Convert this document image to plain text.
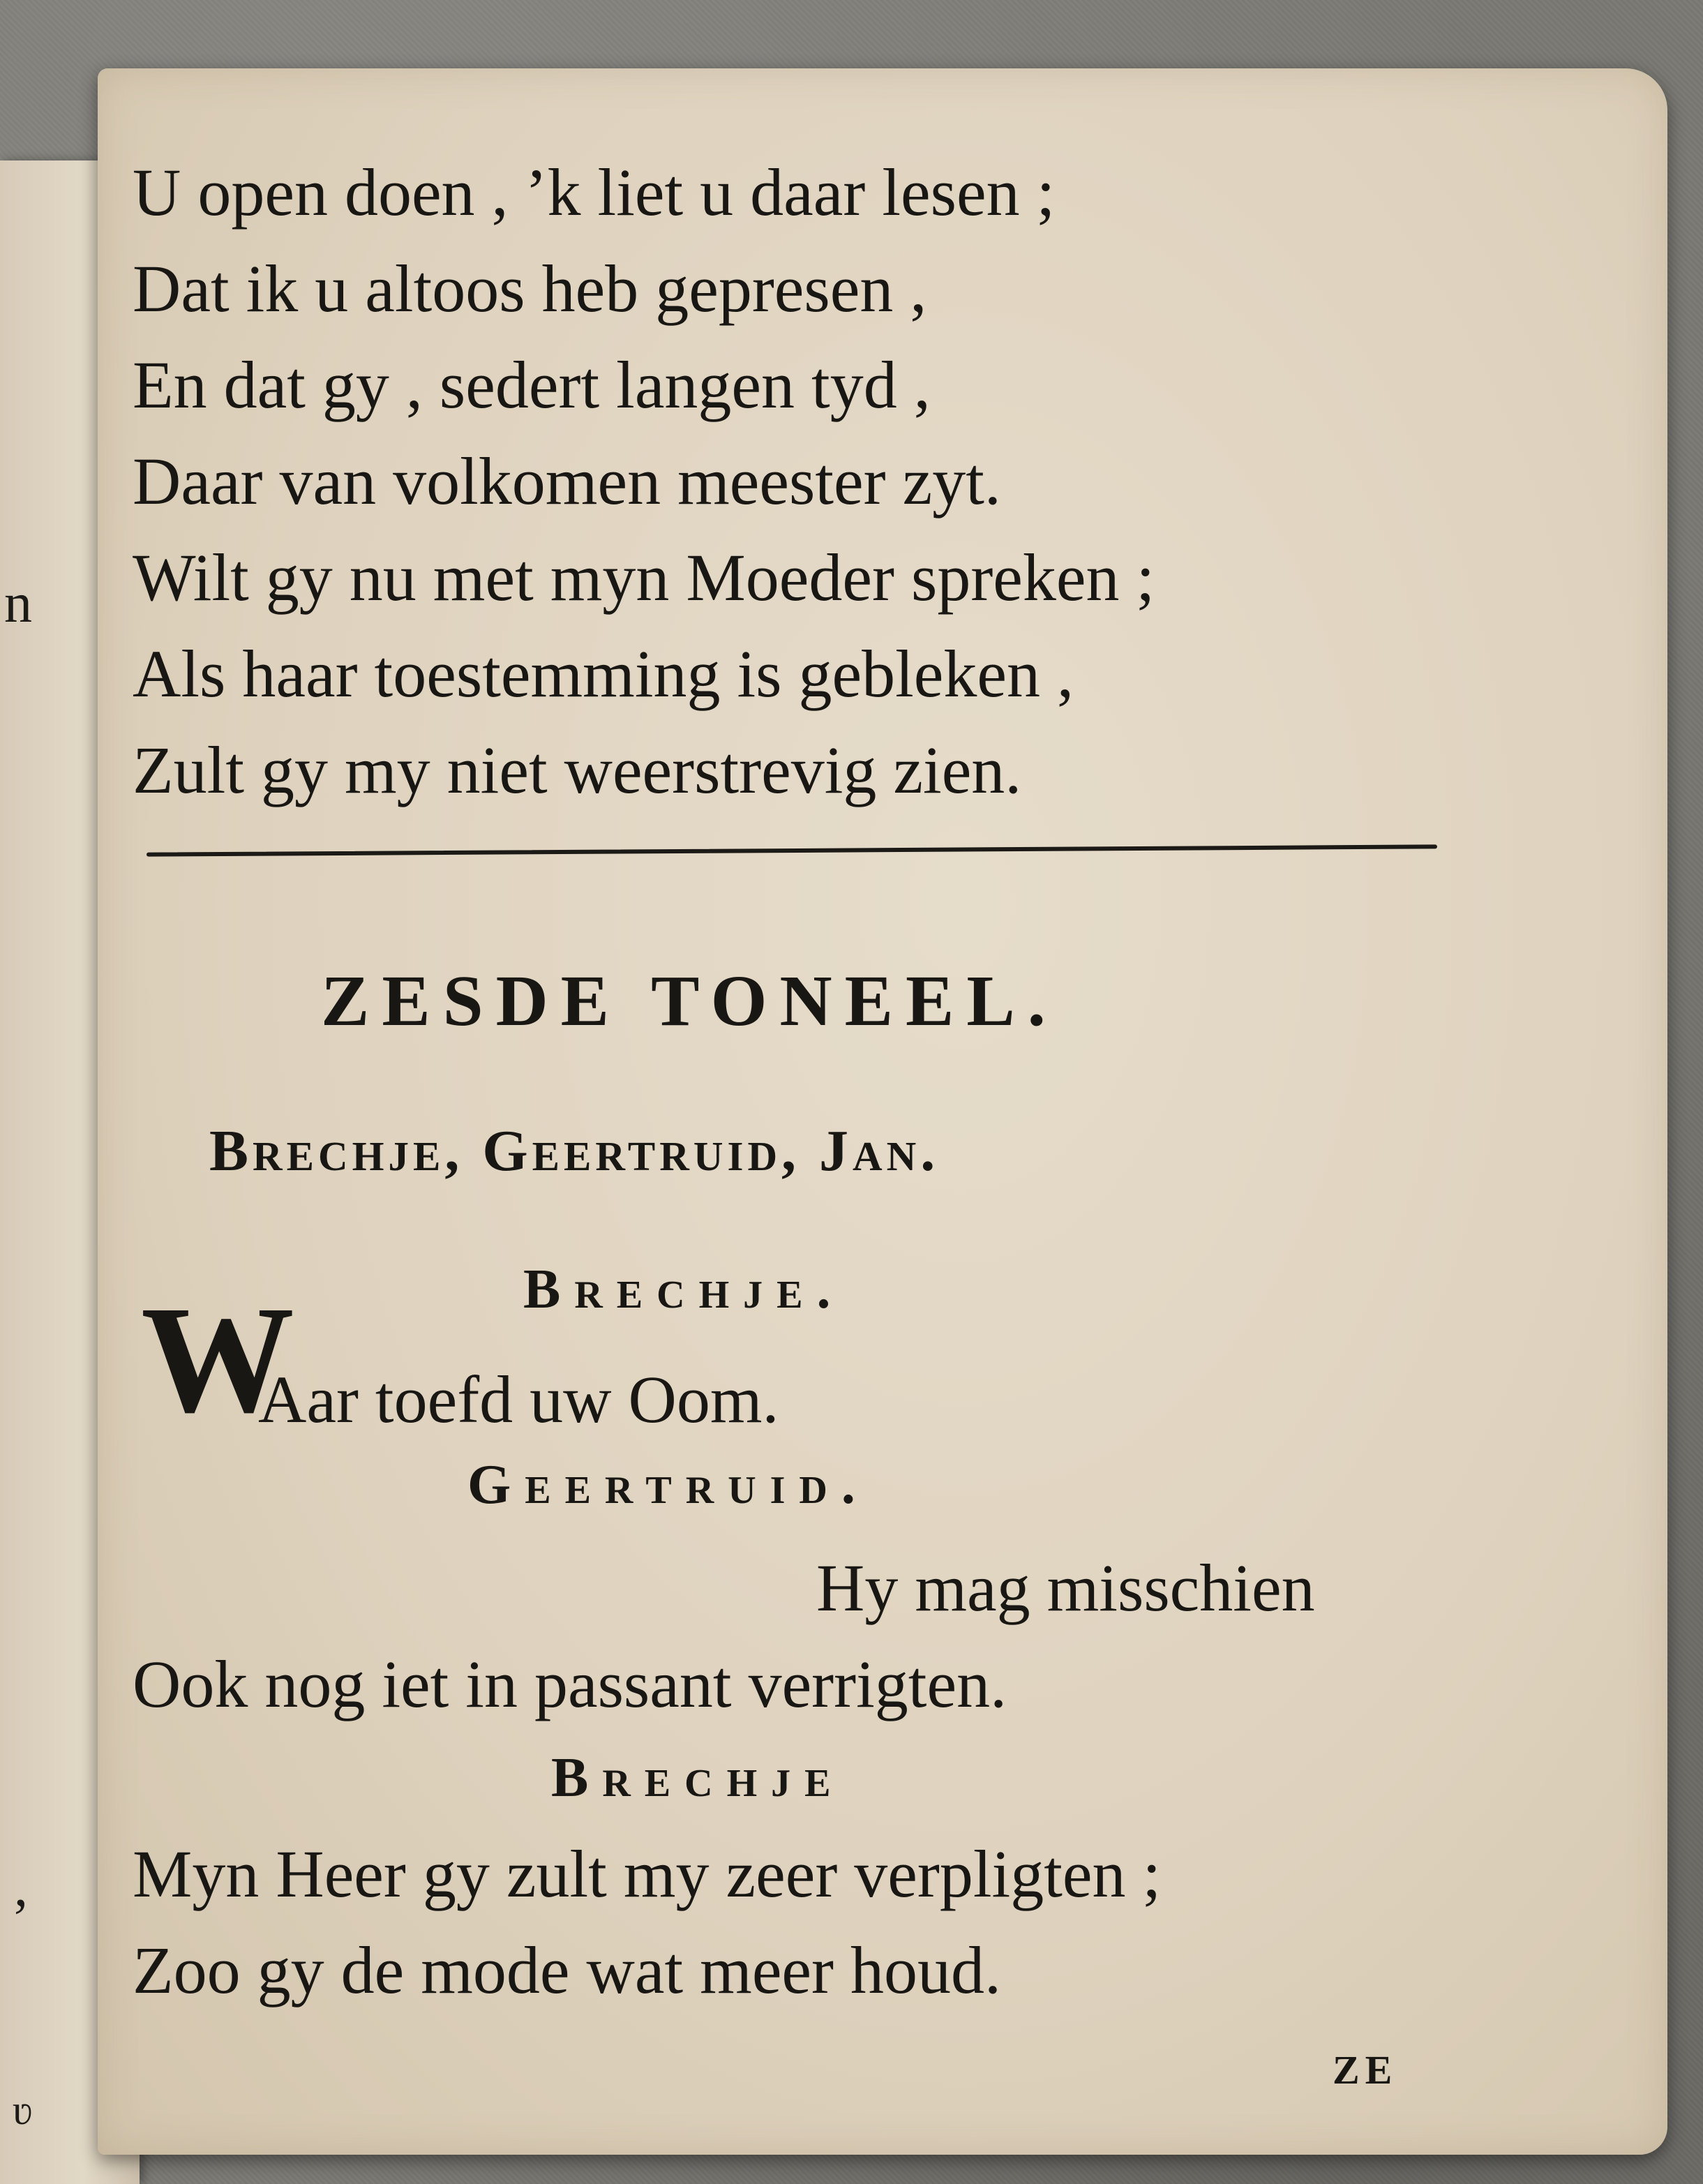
n
,
ʋ
U open doen , ’k liet u daar lesen ;
Dat ik u altoos heb gepresen ,
En dat gy , sedert langen tyd ,
Daar van volkomen meester zyt.
Wilt gy nu met myn Moeder spreken ;
Als haar toestemming is gebleken ,
Zult gy my niet weerstrevig zien.
ZESDE TONEEL.
Brechje, Geertruid, Jan.
Brechje.
W
Aar toefd uw Oom.
Geertruid.
Hy mag misschien
Ook nog iet in passant verrigten.
Brechje
Myn Heer gy zult my zeer verpligten ;
Zoo gy de mode wat meer houd.
ZE
